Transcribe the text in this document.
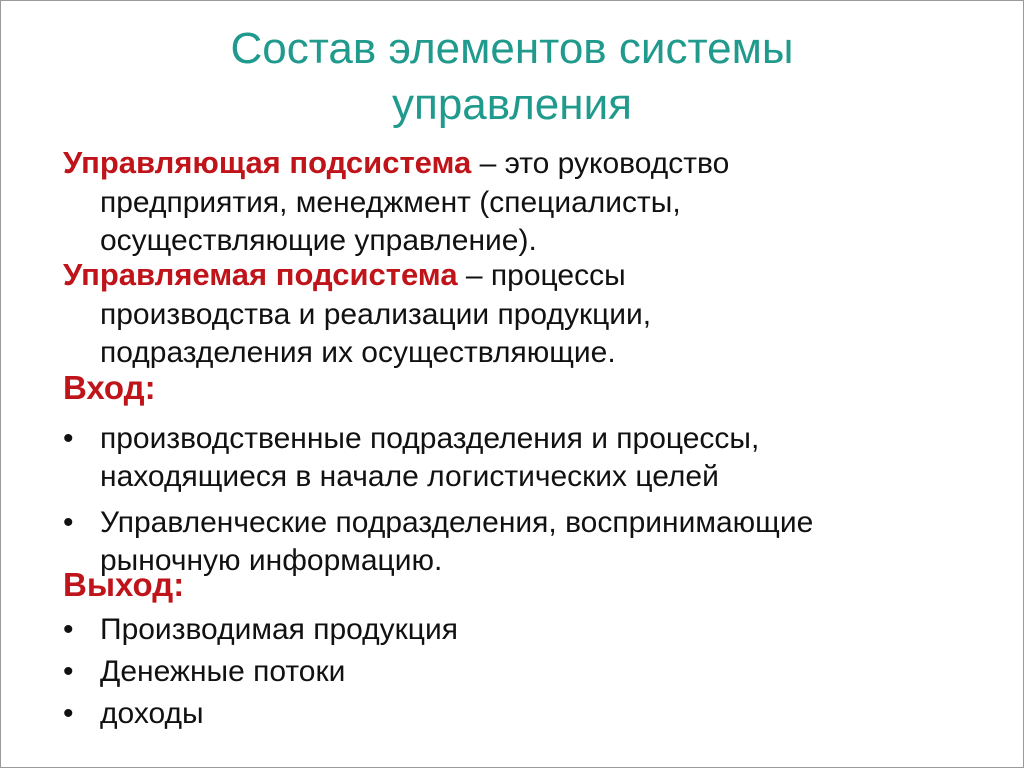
Состав элементов системы
управления
Управляющая подсистема – это руководство
предприятия, менеджмент (специалисты,
осуществляющие управление).
Управляемая подсистема – процессы
производства и реализации продукции,
подразделения их осуществляющие.
Вход:
• производственные подразделения и процессы,
находящиеся в начале логистических целей
• Управленческие подразделения, воспринимающие
рыночную информацию.
Выход:
• Производимая продукция
• Денежные потоки
• доходы
